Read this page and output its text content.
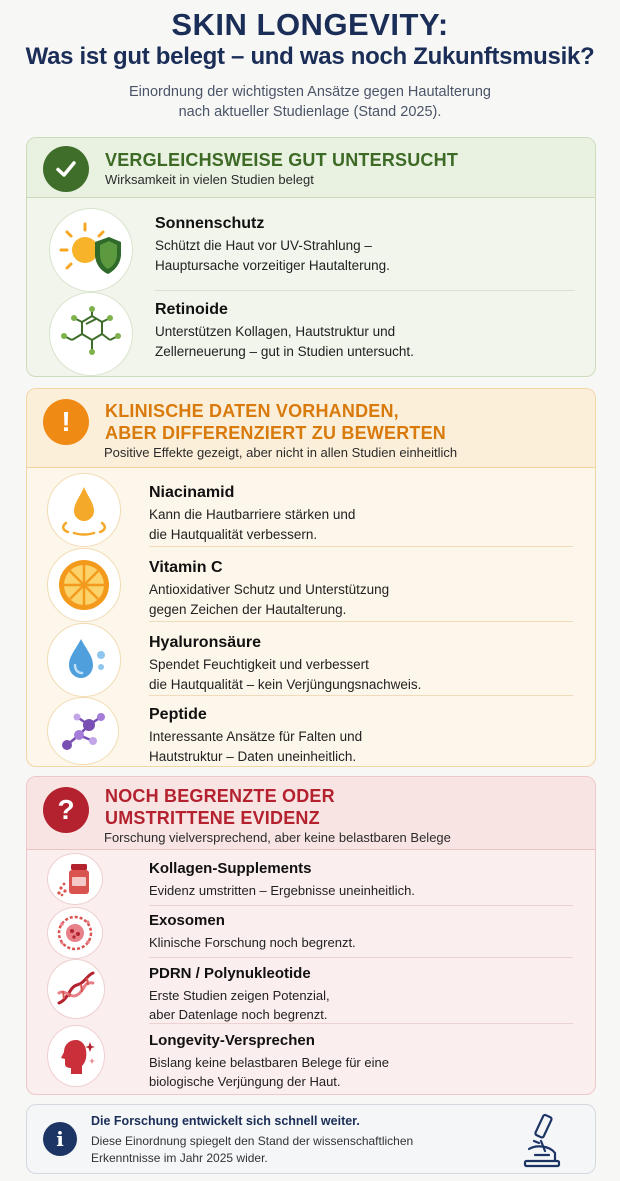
SKIN LONGEVITY:
Was ist gut belegt – und was noch Zukunftsmusik?
Einordnung der wichtigsten Ansätze gegen Hautalterung
nach aktueller Studienlage (Stand 2025).
VERGLEICHSWEISE GUT UNTERSUCHT
Wirksamkeit in vielen Studien belegt
Sonnenschutz
Schützt die Haut vor UV-Strahlung –
Hauptursache vorzeitiger Hautalterung.
Retinoide
Unterstützen Kollagen, Hautstruktur und
Zellerneuerung – gut in Studien untersucht.
!	KLINISCHE DATEN VORHANDEN,
ABER DIFFERENZIERT ZU BEWERTEN
Positive Effekte gezeigt, aber nicht in allen Studien einheitlich
Niacinamid
Kann die Hautbarriere stärken und
die Hautqualität verbessern.
Vitamin C
Antioxidativer Schutz und Unterstützung
gegen Zeichen der Hautalterung.
Hyaluronsäure
Spendet Feuchtigkeit und verbessert
die Hautqualität – kein Verjüngungsnachweis.
Peptide
Interessante Ansätze für Falten und
Hautstruktur – Daten uneinheitlich.
?	NOCH BEGRENZTE ODER
UMSTRITTENE EVIDENZ
Forschung vielversprechend, aber keine belastbaren Belege
Kollagen-Supplements
Evidenz umstritten – Ergebnisse uneinheitlich.
Exosomen
Klinische Forschung noch begrenzt.
PDRN / Polynukleotide
Erste Studien zeigen Potenzial,
aber Datenlage noch begrenzt.
Longevity-Versprechen
Bislang keine belastbaren Belege für eine
biologische Verjüngung der Haut.
i
Die Forschung entwickelt sich schnell weiter.
Diese Einordnung spiegelt den Stand der wissenschaftlichen
Erkenntnisse im Jahr 2025 wider.
